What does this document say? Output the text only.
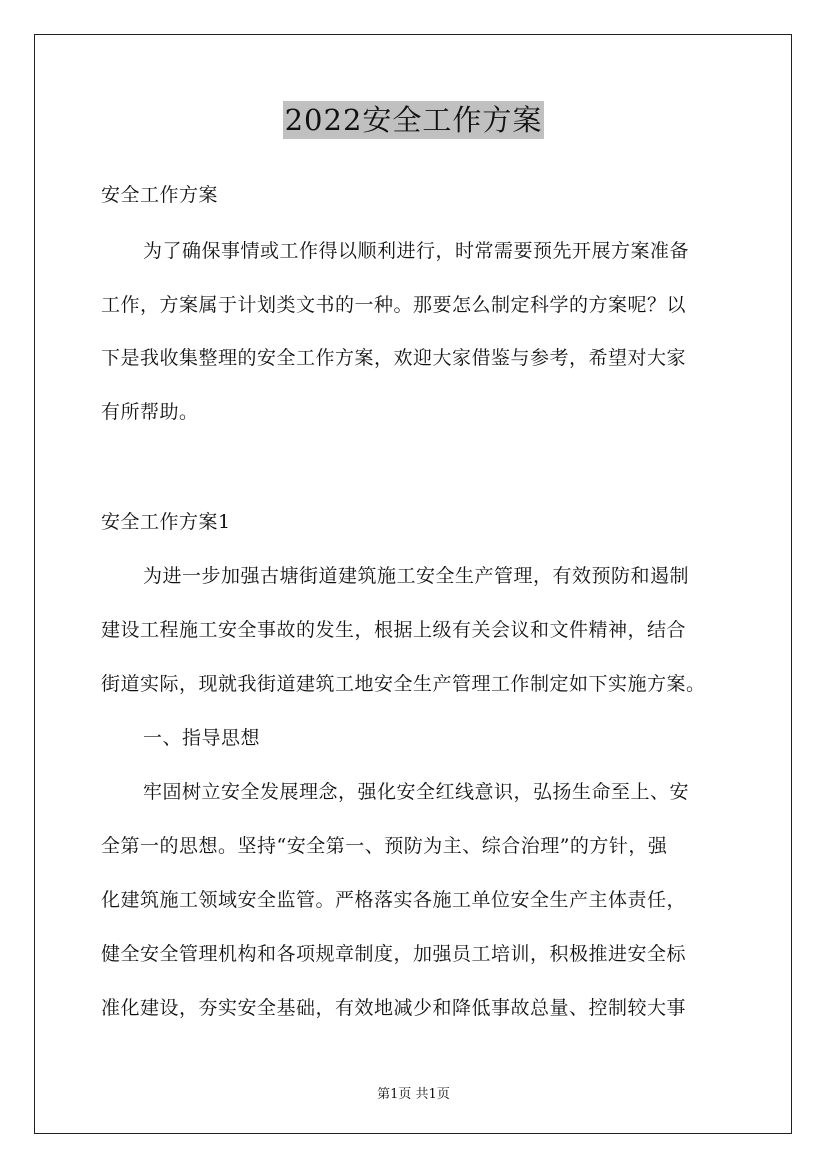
2022安全工作方案
安全工作方案
为了确保事情或工作得以顺利进行，时常需要预先开展方案准备
工作，方案属于计划类文书的一种。那要怎么制定科学的方案呢？以
下是我收集整理的安全工作方案，欢迎大家借鉴与参考，希望对大家
有所帮助。
安全工作方案1
为进一步加强古塘街道建筑施工安全生产管理，有效预防和遏制
建设工程施工安全事故的发生，根据上级有关会议和文件精神，结合
街道实际，现就我街道建筑工地安全生产管理工作制定如下实施方案。
一、指导思想
牢固树立安全发展理念，强化安全红线意识，弘扬生命至上、安
全第一的思想。坚持“安全第一、预防为主、综合治理”的方针，强
化建筑施工领域安全监管。严格落实各施工单位安全生产主体责任，
健全安全管理机构和各项规章制度，加强员工培训，积极推进安全标
准化建设，夯实安全基础，有效地减少和降低事故总量、控制较大事
第1页 共1页
